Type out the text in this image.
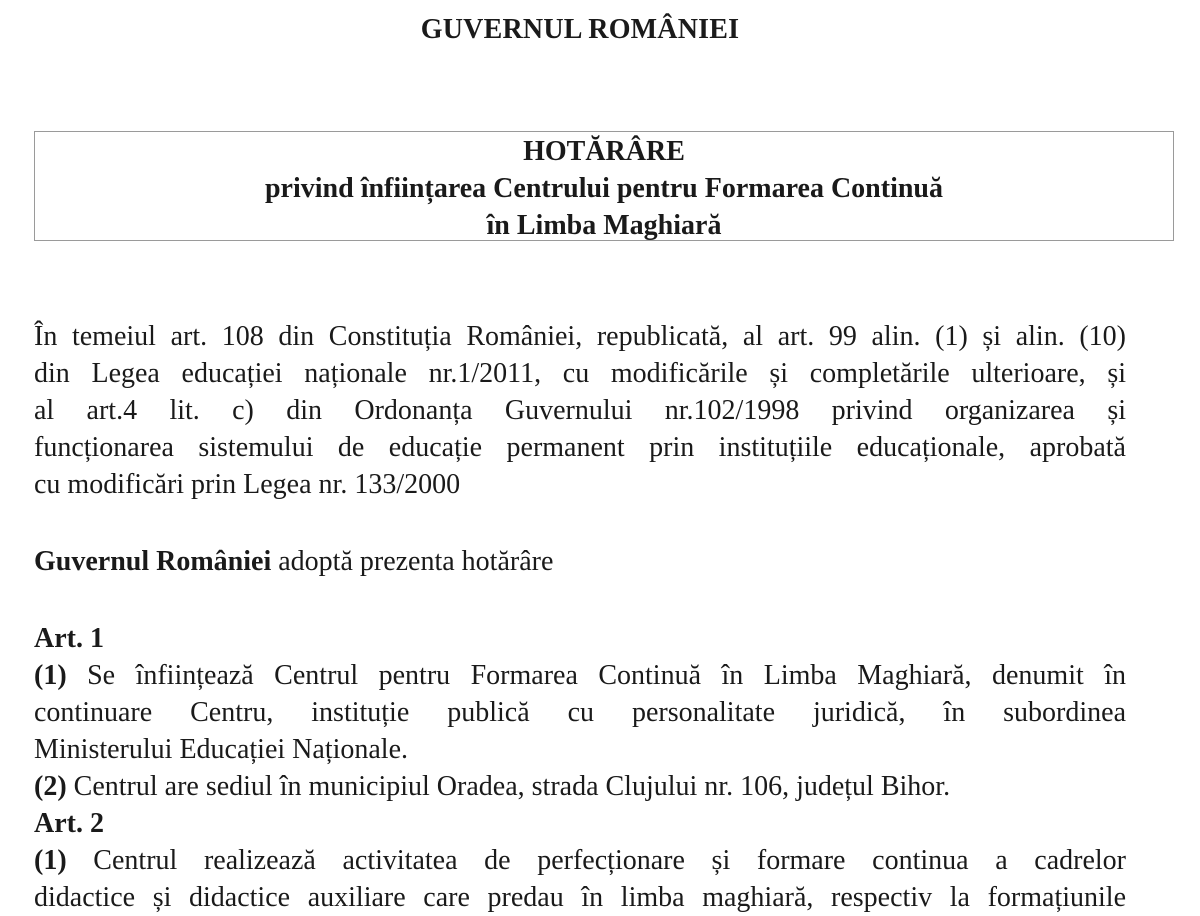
GUVERNUL ROMÂNIEI
HOTĂRÂRE
privind înființarea Centrului pentru Formarea Continuă
în Limba Maghiară
În temeiul art. 108 din Constituția României, republicată, al art. 99 alin. (1) și alin. (10)
din Legea educației naționale nr.1/2011, cu modificările și completările ulterioare, și
al art.4 lit. c) din Ordonanța Guvernului nr.102/1998 privind organizarea și
funcționarea sistemului de educație permanent prin instituțiile educaționale, aprobată
cu modificări prin Legea nr. 133/2000
Guvernul României adoptă prezenta hotărâre
Art. 1
(1) Se înființează Centrul pentru Formarea Continuă în Limba Maghiară, denumit în
continuare Centru, instituție publică cu personalitate juridică, în subordinea
Ministerului Educației Naționale.
(2) Centrul are sediul în municipiul Oradea, strada Clujului nr. 106, județul Bihor.
Art. 2
(1) Centrul realizează activitatea de perfecționare și formare continua a cadrelor
didactice și didactice auxiliare care predau în limba maghiară, respectiv la formațiunile
